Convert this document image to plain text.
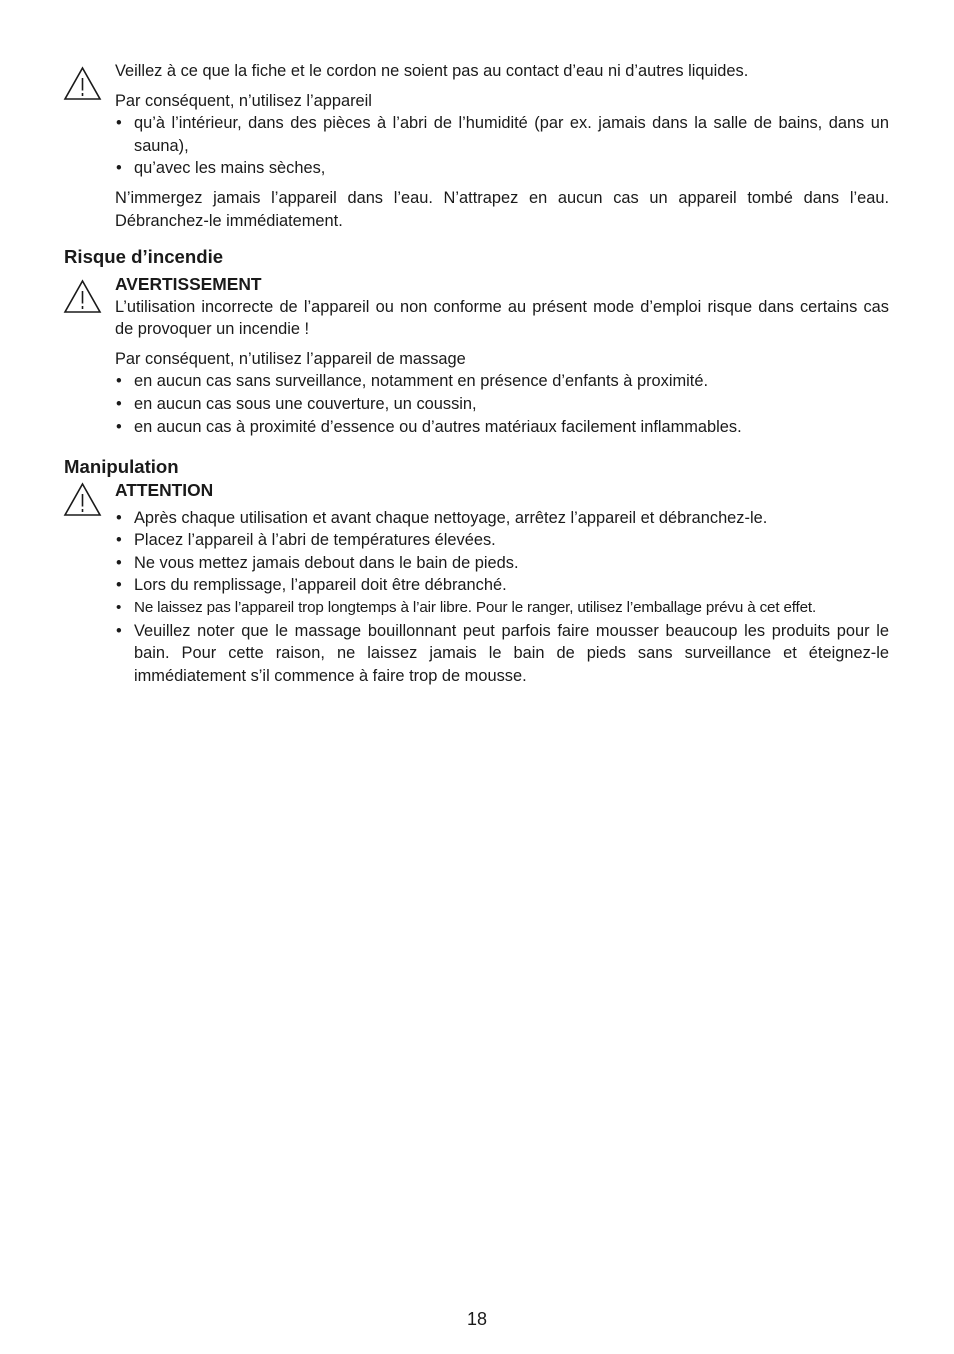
Veillez à ce que la fiche et le cordon ne soient pas au contact d’eau ni d’autres liquides.

Par conséquent, n’utilisez l’appareil

• qu’à l’intérieur, dans des pièces à l’abri de l’humidité (par ex. jamais dans la salle de bains, dans un sauna),
• qu’avec les mains sèches,

N’immergez jamais l’appareil dans l’eau. N’attrapez en aucun cas un appareil tombé dans l’eau. Débranchez-le immédiatement.

Risque d’incendie

AVERTISSEMENT

L’utilisation incorrecte de l’appareil ou non conforme au présent mode d’emploi risque dans certains cas de provoquer un incendie !

Par conséquent, n’utilisez l’appareil de massage

• en aucun cas sans surveillance, notamment en présence d’enfants à proximité.
• en aucun cas sous une couverture, un coussin,
• en aucun cas à proximité d’essence ou d’autres matériaux facilement inflammables.
Manipulation

ATTENTION

• Après chaque utilisation et avant chaque nettoyage, arrêtez l’appareil et débranchez-le.
• Placez l’appareil à l’abri de températures élevées.
• Ne vous mettez jamais debout dans le bain de pieds.
• Lors du remplissage, l’appareil doit être débranché.
• Ne laissez pas l’appareil trop longtemps à l’air libre. Pour le ranger, utilisez l’emballage prévu à cet effet.
• Veuillez noter que le massage bouillonnant peut parfois faire mousser beaucoup les produits pour le bain. Pour cette raison, ne laissez jamais le bain de pieds sans surveillance et éteignez-le immédiatement s’il commence à faire trop de mousse.
18
